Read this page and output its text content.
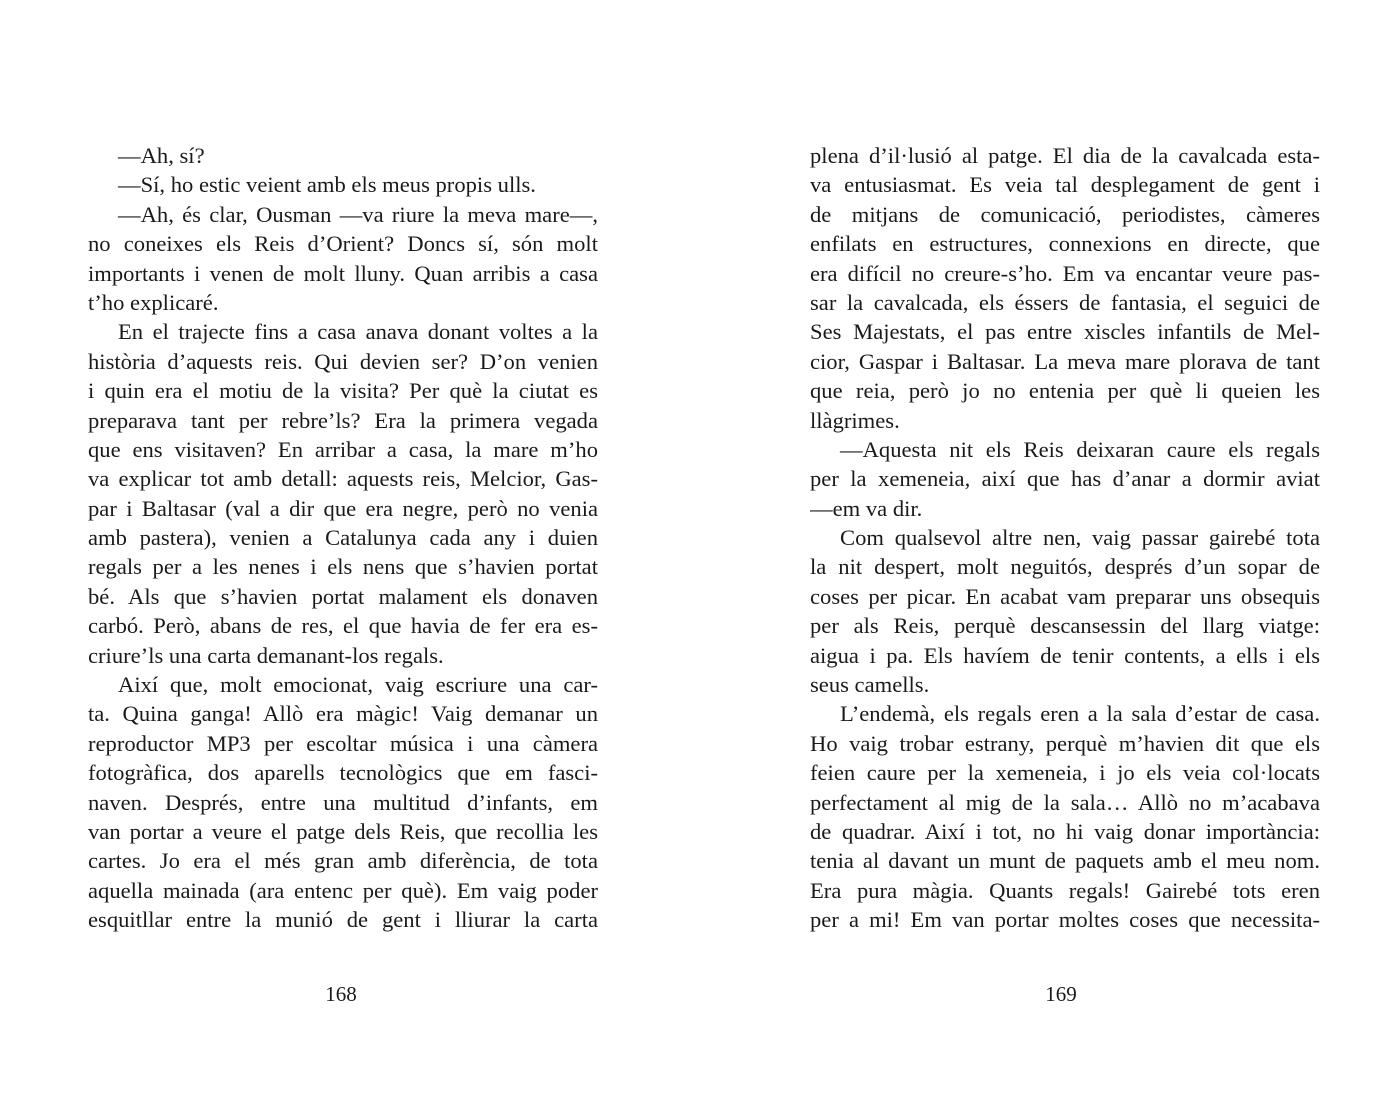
—Ah, sí?
—Sí, ho estic veient amb els meus propis ulls.
—Ah, és clar, Ousman —va riure la meva mare—,
no coneixes els Reis d’Orient? Doncs sí, són molt
importants i venen de molt lluny. Quan arribis a casa
t’ho explicaré.
En el trajecte fins a casa anava donant voltes a la
història d’aquests reis. Qui devien ser? D’on venien
i quin era el motiu de la visita? Per què la ciutat es
preparava tant per rebre’ls? Era la primera vegada
que ens visitaven? En arribar a casa, la mare m’ho
va explicar tot amb detall: aquests reis, Melcior, Gas-
par i Baltasar (val a dir que era negre, però no venia
amb pastera), venien a Catalunya cada any i duien
regals per a les nenes i els nens que s’havien portat
bé. Als que s’havien portat malament els donaven
carbó. Però, abans de res, el que havia de fer era es-
criure’ls una carta demanant-los regals.
Així que, molt emocionat, vaig escriure una car-
ta. Quina ganga! Allò era màgic! Vaig demanar un
reproductor MP3 per escoltar música i una càmera
fotogràfica, dos aparells tecnològics que em fasci-
naven. Després, entre una multitud d’infants, em
van portar a veure el patge dels Reis, que recollia les
cartes. Jo era el més gran amb diferència, de tota
aquella mainada (ara entenc per què). Em vaig poder
esquitllar entre la munió de gent i lliurar la carta
168
plena d’il·lusió al patge. El dia de la cavalcada esta-
va entusiasmat. Es veia tal desplegament de gent i
de mitjans de comunicació, periodistes, càmeres
enfilats en estructures, connexions en directe, que
era difícil no creure-s’ho. Em va encantar veure pas-
sar la cavalcada, els éssers de fantasia, el seguici de
Ses Majestats, el pas entre xiscles infantils de Mel-
cior, Gaspar i Baltasar. La meva mare plorava de tant
que reia, però jo no entenia per què li queien les
llàgrimes.
—Aquesta nit els Reis deixaran caure els regals
per la xemeneia, així que has d’anar a dormir aviat
—em va dir.
Com qualsevol altre nen, vaig passar gairebé tota
la nit despert, molt neguitós, després d’un sopar de
coses per picar. En acabat vam preparar uns obsequis
per als Reis, perquè descansessin del llarg viatge:
aigua i pa. Els havíem de tenir contents, a ells i els
seus camells.
L’endemà, els regals eren a la sala d’estar de casa.
Ho vaig trobar estrany, perquè m’havien dit que els
feien caure per la xemeneia, i jo els veia col·locats
perfectament al mig de la sala… Allò no m’acabava
de quadrar. Així i tot, no hi vaig donar importància:
tenia al davant un munt de paquets amb el meu nom.
Era pura màgia. Quants regals! Gairebé tots eren
per a mi! Em van portar moltes coses que necessita-
169
